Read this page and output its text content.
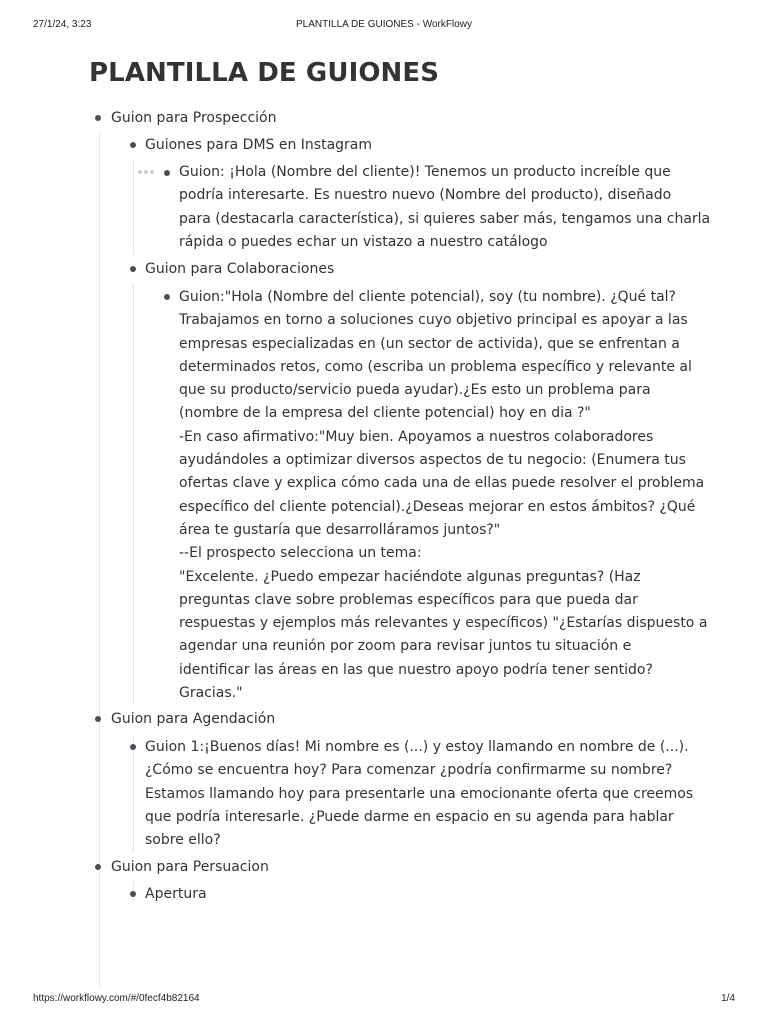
27/1/24, 3:23	PLANTILLA DE GUIONES - WorkFlowy
PLANTILLA DE GUIONES
Guion para Prospección
Guiones para DMS en Instagram
Guion: ¡Hola (Nombre del cliente)! Tenemos un producto increíble que
podría interesarte. Es nuestro nuevo (Nombre del producto), diseñado
para (destacarla característica), si quieres saber más, tengamos una charla
rápida o puedes echar un vistazo a nuestro catálogo
Guion para Colaboraciones
Guion:"Hola (Nombre del cliente potencial), soy (tu nombre). ¿Qué tal?
Trabajamos en torno a soluciones cuyo objetivo principal es apoyar a las
empresas especializadas en (un sector de activida), que se enfrentan a
determinados retos, como (escriba un problema específico y relevante al
que su producto/servicio pueda ayudar).¿Es esto un problema para
(nombre de la empresa del cliente potencial) hoy en dia ?"
-En caso afirmativo:"Muy bien. Apoyamos a nuestros colaboradores
ayudándoles a optimizar diversos aspectos de tu negocio: (Enumera tus
ofertas clave y explica cómo cada una de ellas puede resolver el problema
específico del cliente potencial).¿Deseas mejorar en estos ámbitos? ¿Qué
área te gustaría que desarrolláramos juntos?"
--El prospecto selecciona un tema:
"Excelente. ¿Puedo empezar haciéndote algunas preguntas? (Haz
preguntas clave sobre problemas específicos para que pueda dar
respuestas y ejemplos más relevantes y específicos) "¿Estarías dispuesto a
agendar una reunión por zoom para revisar juntos tu situación e
identificar las áreas en las que nuestro apoyo podría tener sentido?
Gracias."
Guion para Agendación
Guion 1:¡Buenos días! Mi nombre es (...) y estoy llamando en nombre de (...).
¿Cómo se encuentra hoy? Para comenzar ¿podría confirmarme su nombre?
Estamos llamando hoy para presentarle una emocionante oferta que creemos
que podría interesarle. ¿Puede darme en espacio en su agenda para hablar
sobre ello?
Guion para Persuacion
Apertura
https://workflowy.com/#/0fecf4b82164	1/4
